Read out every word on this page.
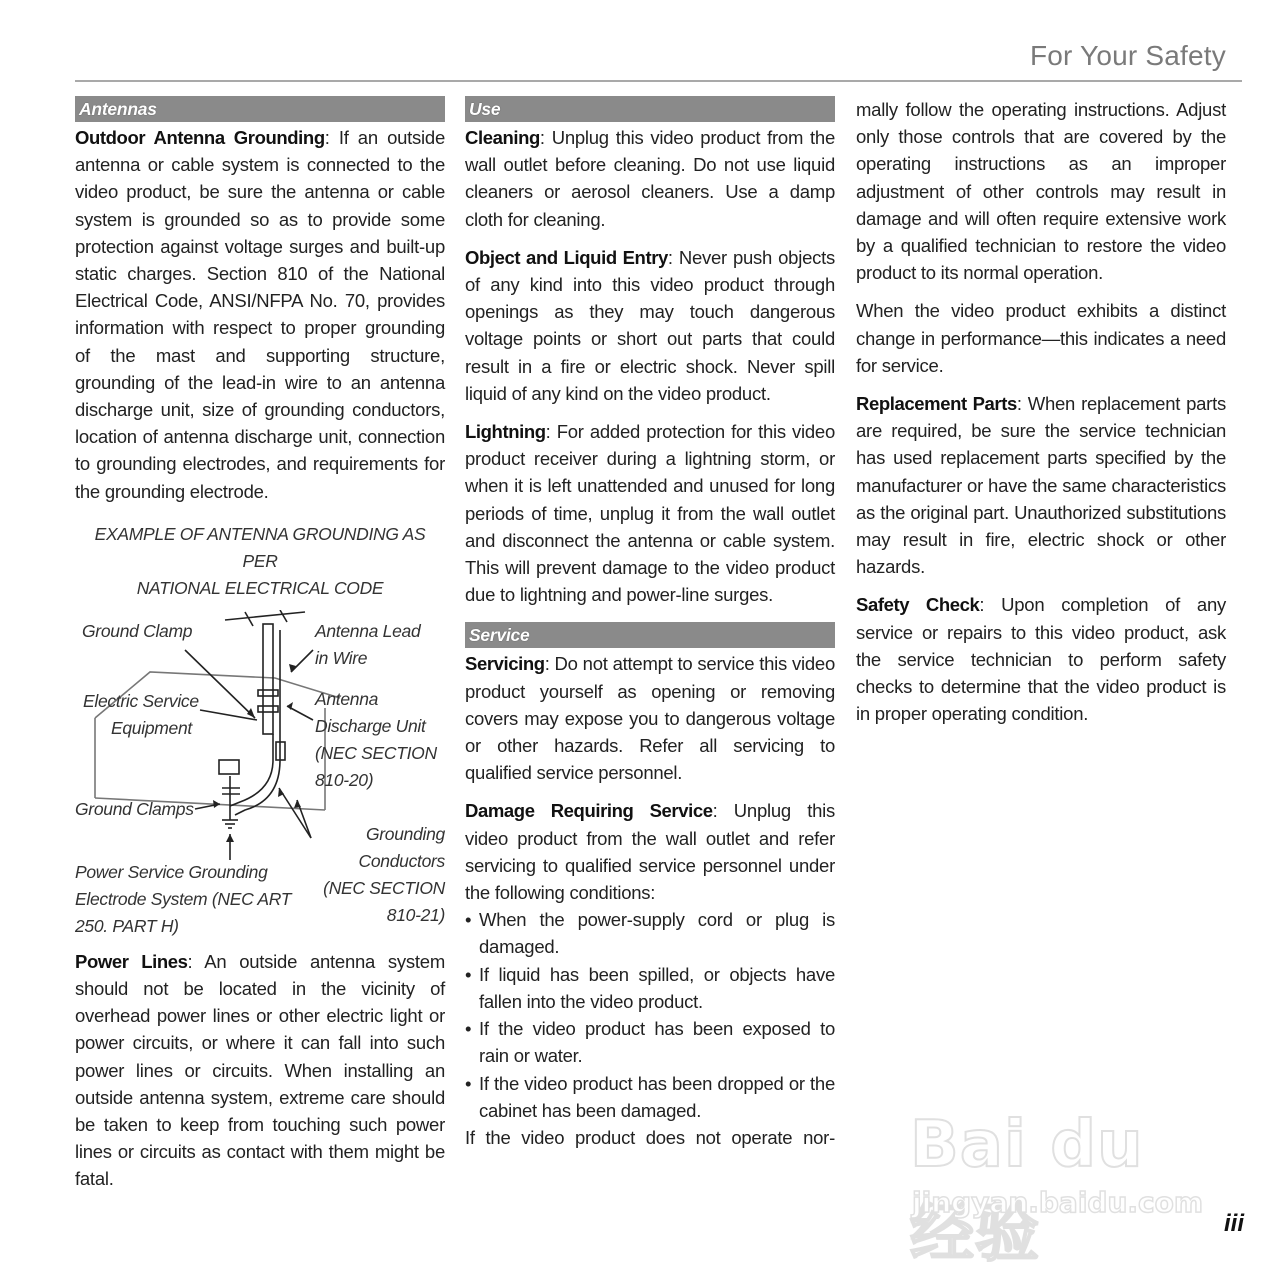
For Your Safety
Antennas

Outdoor Antenna Grounding: If an outside antenna or cable system is connected to the video product, be sure the antenna or cable system is grounded so as to provide some protection against voltage surges and built-up static charges. Section 810 of the National Electrical Code, ANSI/NFPA No. 70, provides information with respect to proper grounding of the mast and supporting structure, grounding of the lead-in wire to an antenna discharge unit, size of grounding conductors, location of antenna discharge unit, connection to grounding electrodes, and requirements for the grounding electrode.

EXAMPLE OF ANTENNA GROUNDING AS PER
NATIONAL ELECTRICAL CODE
Ground Clamp	Antenna Lead
in Wire
Electric Service
Equipment
Antenna
Discharge Unit
(NEC SECTION
810-20)
Ground Clamps
Grounding
Conductors
(NEC SECTION
810-21)
Power Service Grounding
Electrode System (NEC ART
250. PART H)

Power Lines: An outside antenna system should not be located in the vicinity of overhead power lines or other electric light or power circuits, or where it can fall into such power lines or circuits. When installing an outside antenna system, extreme care should be taken to keep from touching such power lines or circuits as contact with them might be fatal.

Use

Cleaning: Unplug this video product from the wall outlet before cleaning. Do not use liquid cleaners or aerosol cleaners. Use a damp cloth for cleaning.

Object and Liquid Entry: Never push objects of any kind into this video product through openings as they may touch dangerous voltage points or short out parts that could result in a fire or electric shock. Never spill liquid of any kind on the video product.

Lightning: For added protection for this video product receiver during a lightning storm, or when it is left unattended and unused for long periods of time, unplug it from the wall outlet and disconnect the antenna or cable system. This will prevent damage to the video product due to lightning and power-line surges.

Service

Servicing: Do not attempt to service this video product yourself as opening or removing covers may expose you to dangerous voltage or other hazards. Refer all servicing to qualified service personnel.

Damage Requiring Service: Unplug this video product from the wall outlet and refer servicing to qualified service personnel under the following conditions:

• When the power-supply cord or plug is damaged.
• If liquid has been spilled, or objects have fallen into the video product.
• If the video product has been exposed to rain or water.
• If the video product has been dropped or the cabinet has been damaged.

If the video product does not operate nor-

mally follow the operating instructions. Adjust only those controls that are covered by the operating instructions as an improper adjustment of other controls may result in damage and will often require extensive work by a qualified technician to restore the video product to its normal operation.

When the video product exhibits a distinct change in performance—this indicates a need for service.

Replacement Parts: When replacement parts are required, be sure the service technician has used replacement parts specified by the manufacturer or have the same characteristics as the original part. Unauthorized substitutions may result in fire, electric shock or other hazards.

Safety Check: Upon completion of any service or repairs to this video product, ask the service technician to perform safety checks to determine that the video product is in proper operating condition.

Bai du 经验
jingyan.baidu.com
iii
